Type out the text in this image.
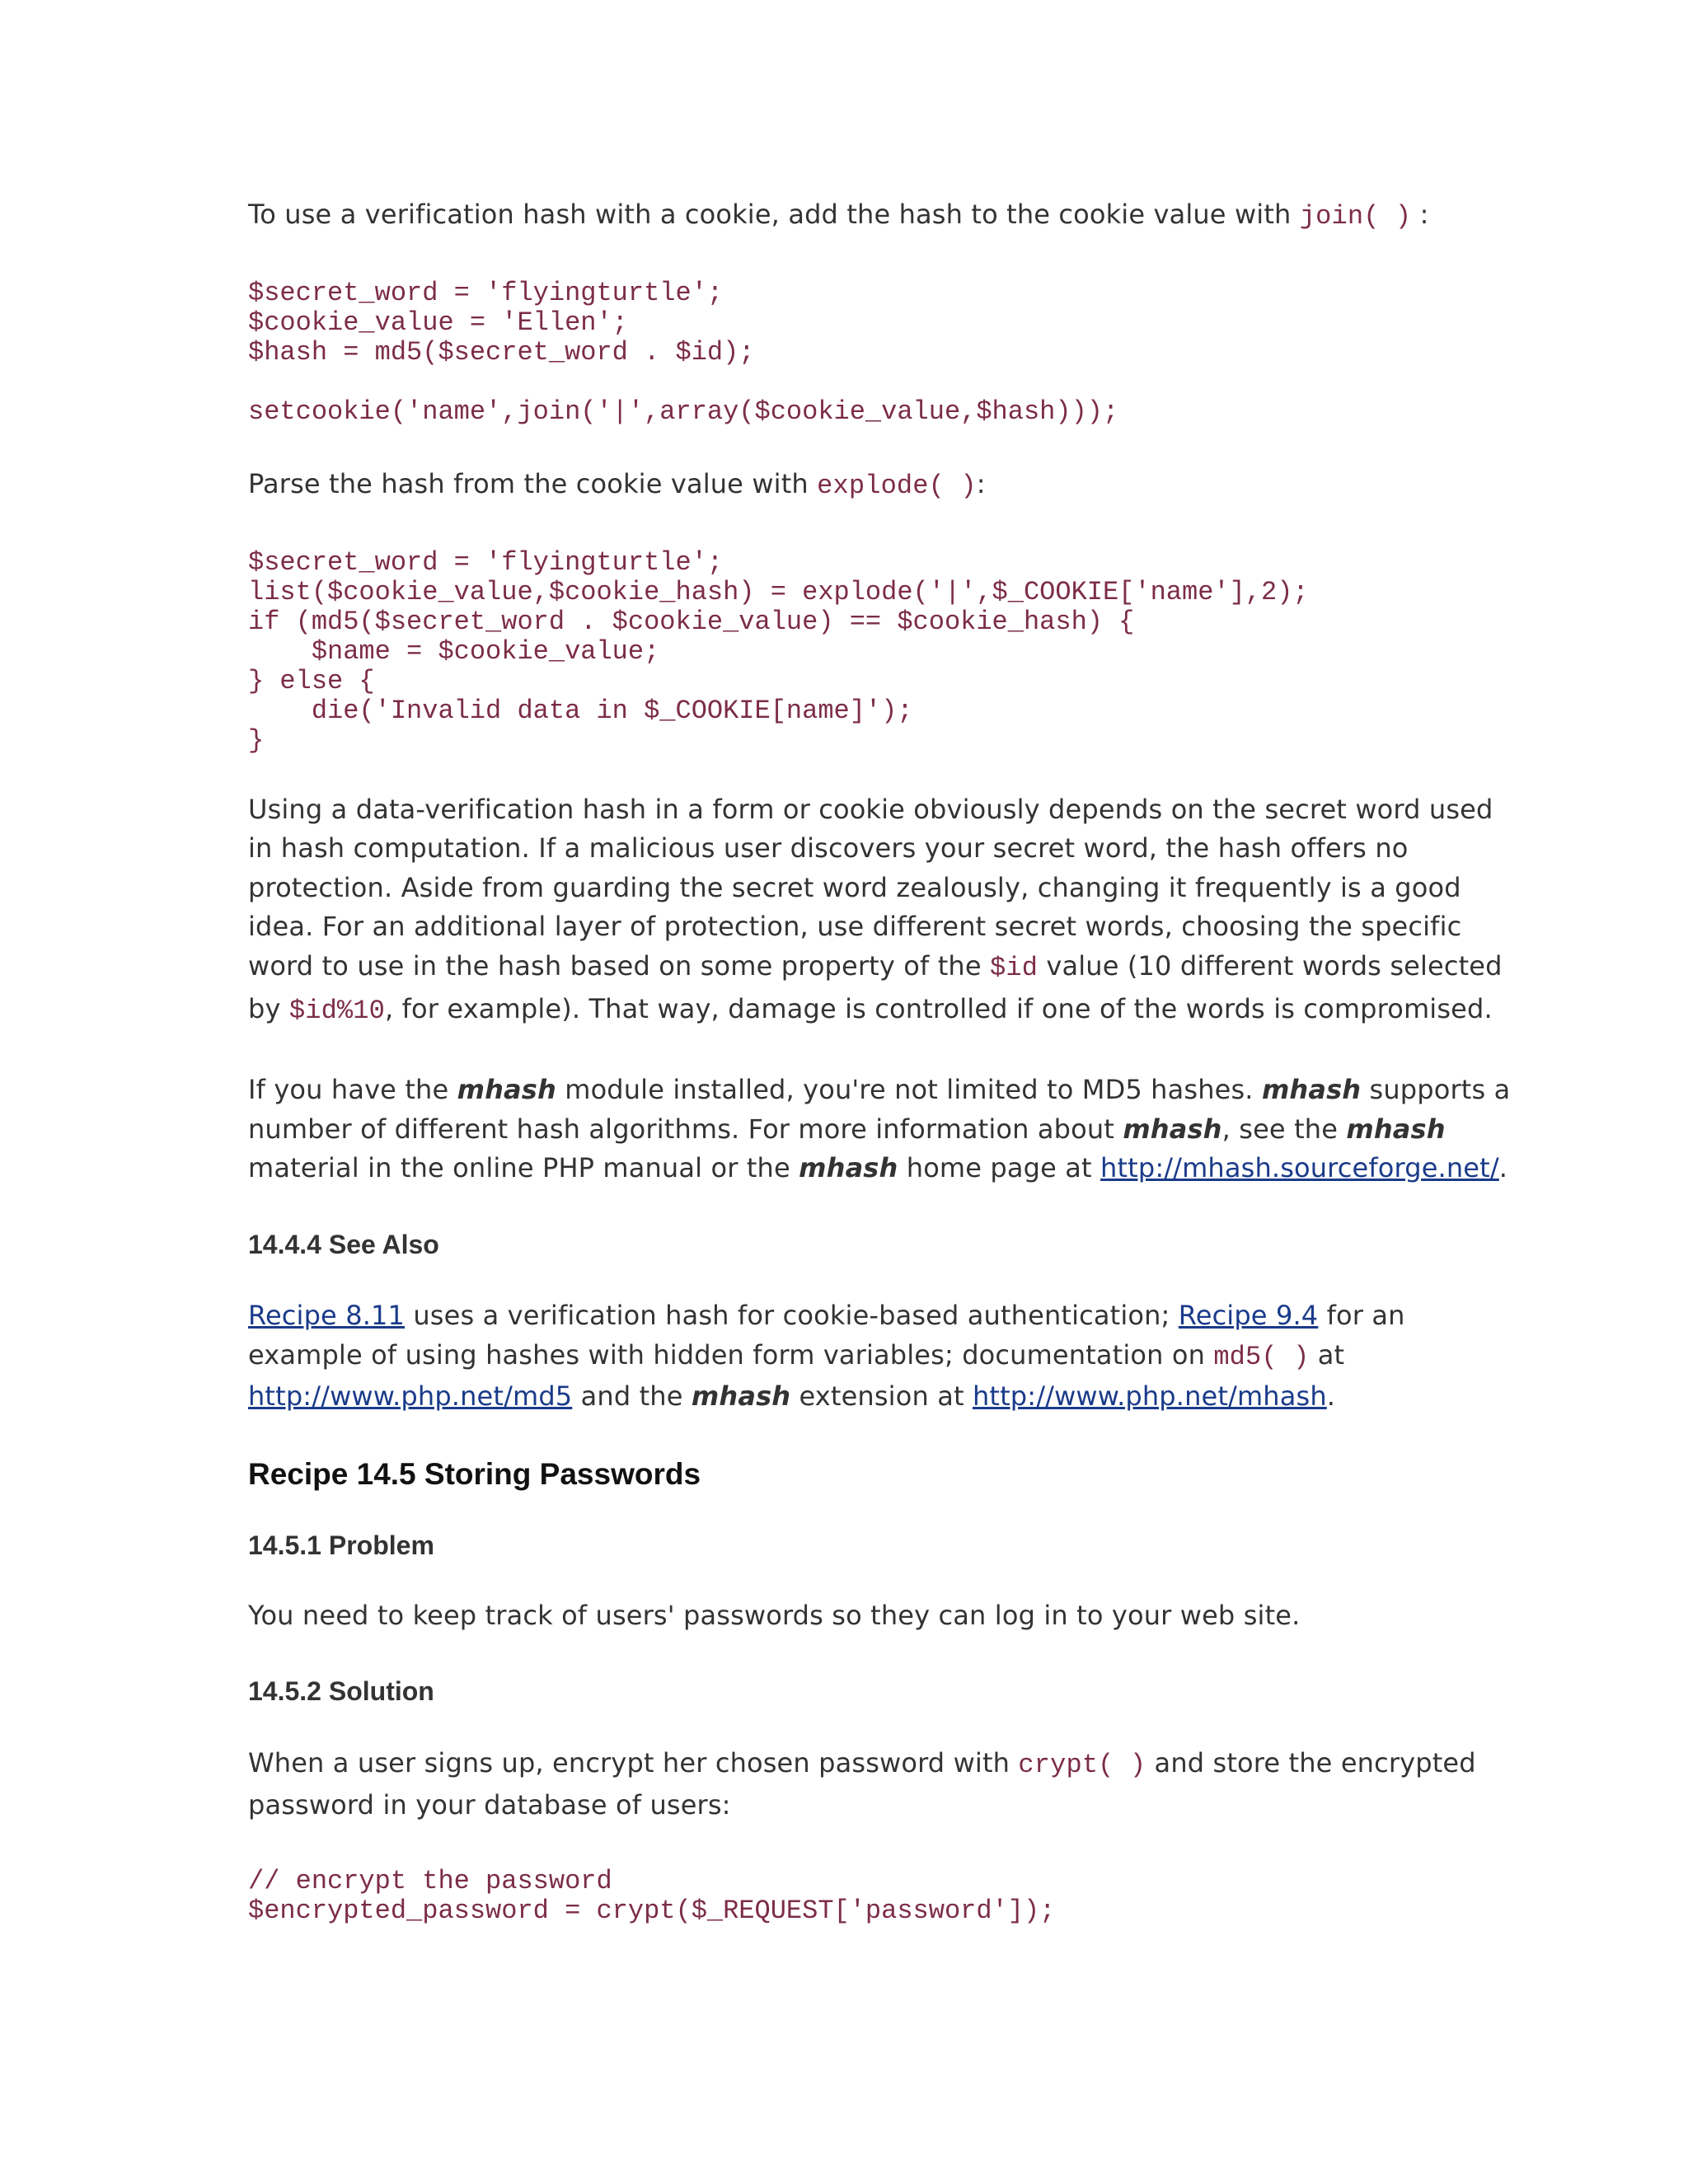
To use a verification hash with a cookie, add the hash to the cookie value with join( ) :
$secret_word = 'flyingturtle';
$cookie_value = 'Ellen';
$hash = md5($secret_word . $id);

setcookie('name',join('|',array($cookie_value,$hash)));
Parse the hash from the cookie value with explode( ):
$secret_word = 'flyingturtle';
list($cookie_value,$cookie_hash) = explode('|',$_COOKIE['name'],2);
if (md5($secret_word . $cookie_value) == $cookie_hash) {
$name = $cookie_value;
} else {
die('Invalid data in $_COOKIE[name]');
}
Using a data-verification hash in a form or cookie obviously depends on the secret word used
in hash computation. If a malicious user discovers your secret word, the hash offers no
protection. Aside from guarding the secret word zealously, changing it frequently is a good
idea. For an additional layer of protection, use different secret words, choosing the specific
word to use in the hash based on some property of the $id value (10 different words selected
by $id%10, for example). That way, damage is controlled if one of the words is compromised.
If you have the mhash module installed, you're not limited to MD5 hashes. mhash supports a
number of different hash algorithms. For more information about mhash, see the mhash
material in the online PHP manual or the mhash home page at http://mhash.sourceforge.net/.
14.4.4 See Also
Recipe 8.11 uses a verification hash for cookie-based authentication; Recipe 9.4 for an
example of using hashes with hidden form variables; documentation on md5( ) at
http://www.php.net/md5 and the mhash extension at http://www.php.net/mhash.
Recipe 14.5 Storing Passwords
14.5.1 Problem
You need to keep track of users' passwords so they can log in to your web site.
14.5.2 Solution
When a user signs up, encrypt her chosen password with crypt( ) and store the encrypted
password in your database of users:
// encrypt the password
$encrypted_password = crypt($_REQUEST['password']);
